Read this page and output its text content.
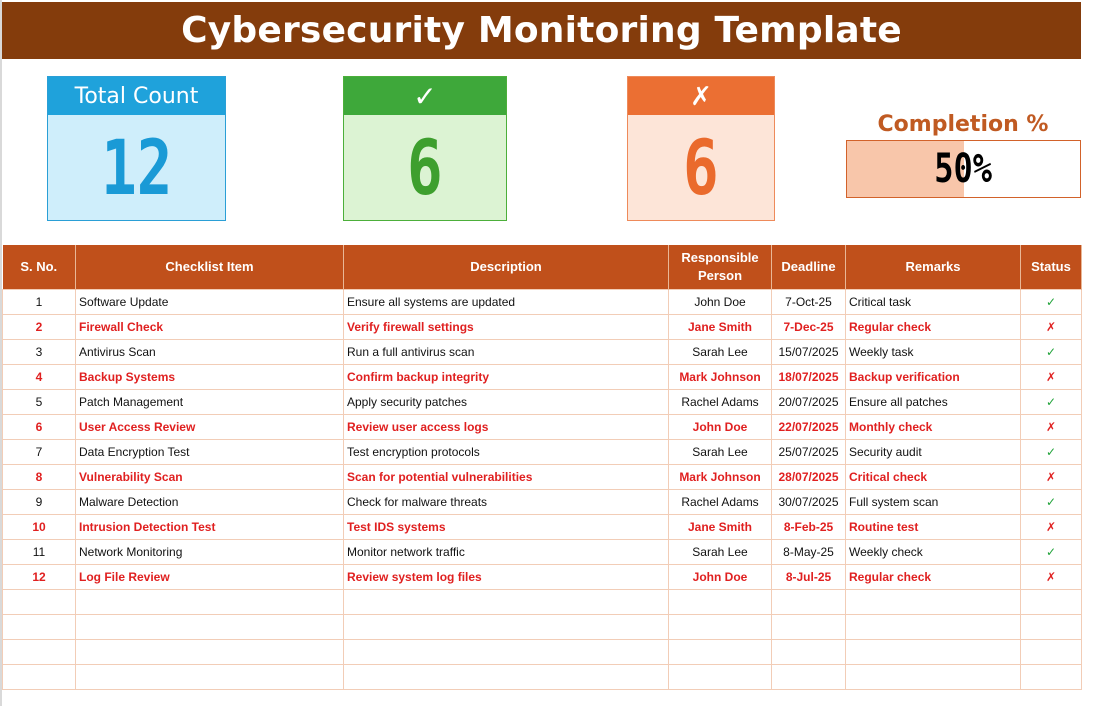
Cybersecurity Monitoring Template
Total Count
12
✓
6
✗
6	Completion %
50%
S. No.	Checklist Item	Description	Responsible Person	Deadline	Remarks	Status
1	Software Update	Ensure all systems are updated	John Doe	7-Oct-25	Critical task	✓
2	Firewall Check	Verify firewall settings	Jane Smith	7-Dec-25	Regular check	✗
3	Antivirus Scan	Run a full antivirus scan	Sarah Lee	15/07/2025	Weekly task	✓
4	Backup Systems	Confirm backup integrity	Mark Johnson	18/07/2025	Backup verification	✗
5	Patch Management	Apply security patches	Rachel Adams	20/07/2025	Ensure all patches	✓
6	User Access Review	Review user access logs	John Doe	22/07/2025	Monthly check	✗
7	Data Encryption Test	Test encryption protocols	Sarah Lee	25/07/2025	Security audit	✓
8	Vulnerability Scan	Scan for potential vulnerabilities	Mark Johnson	28/07/2025	Critical check	✗
9	Malware Detection	Check for malware threats	Rachel Adams	30/07/2025	Full system scan	✓
10	Intrusion Detection Test	Test IDS systems	Jane Smith	8-Feb-25	Routine test	✗
11	Network Monitoring	Monitor network traffic	Sarah Lee	8-May-25	Weekly check	✓
12	Log File Review	Review system log files	John Doe	8-Jul-25	Regular check	✗
